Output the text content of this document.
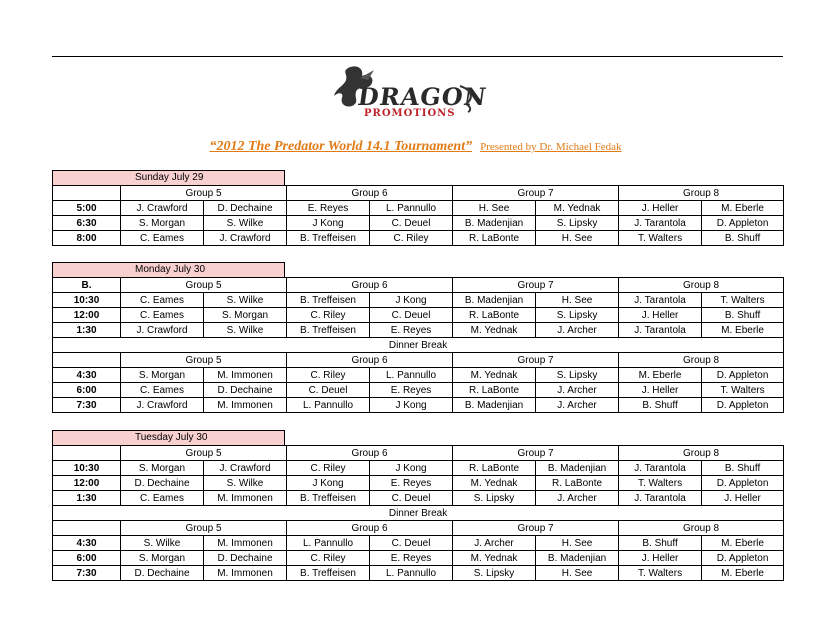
DRAGON
PROMOTIONS
“2012 The Predator World 14.1 Tournament” Presented by Dr. Michael Fedak
Sunday July 29
	Group 5		Group 6		Group 7		Group 8	
5:00	J. Crawford	D. Dechaine	E. Reyes	L. Pannullo	H. See	M. Yednak	J. Heller	M. Eberle
6:30	S. Morgan	S. Wilke	J Kong	C. Deuel	B. Madenjian	S. Lipsky	J. Tarantola	D. Appleton
8:00	C. Eames	J. Crawford	B. Treffeisen	C. Riley	R. LaBonte	H. See	T. Walters	B. Shuff
Monday July 30
B.	Group 5		Group 6		Group 7		Group 8	
10:30	C. Eames	S. Wilke	B. Treffeisen	J Kong	B. Madenjian	H. See	J. Tarantola	T. Walters
12:00	C. Eames	S. Morgan	C. Riley	C. Deuel	R. LaBonte	S. Lipsky	J. Heller	B. Shuff
1:30	J. Crawford	S. Wilke	B. Treffeisen	E. Reyes	M. Yednak	J. Archer	J. Tarantola	M. Eberle
Dinner Break								
	Group 5		Group 6		Group 7		Group 8	
4:30	S. Morgan	M. Immonen	C. Riley	L. Pannullo	M. Yednak	S. Lipsky	M. Eberle	D. Appleton
6:00	C. Eames	D. Dechaine	C. Deuel	E. Reyes	R. LaBonte	J. Archer	J. Heller	T. Walters
7:30	J. Crawford	M. Immonen	L. Pannullo	J Kong	B. Madenjian	J. Archer	B. Shuff	D. Appleton
Tuesday July 30
	Group 5		Group 6		Group 7		Group 8	
10:30	S. Morgan	J. Crawford	C. Riley	J Kong	R. LaBonte	B. Madenjian	J. Tarantola	B. Shuff
12:00	D. Dechaine	S. Wilke	J Kong	E. Reyes	M. Yednak	R. LaBonte	T. Walters	D. Appleton
1:30	C. Eames	M. Immonen	B. Treffeisen	C. Deuel	S. Lipsky	J. Archer	J. Tarantola	J. Heller
Dinner Break								
	Group 5		Group 6		Group 7		Group 8	
4:30	S. Wilke	M. Immonen	L. Pannullo	C. Deuel	J. Archer	H. See	B. Shuff	M. Eberle
6:00	S. Morgan	D. Dechaine	C. Riley	E. Reyes	M. Yednak	B. Madenjian	J. Heller	D. Appleton
7:30	D. Dechaine	M. Immonen	B. Treffeisen	L. Pannullo	S. Lipsky	H. See	T. Walters	M. Eberle
